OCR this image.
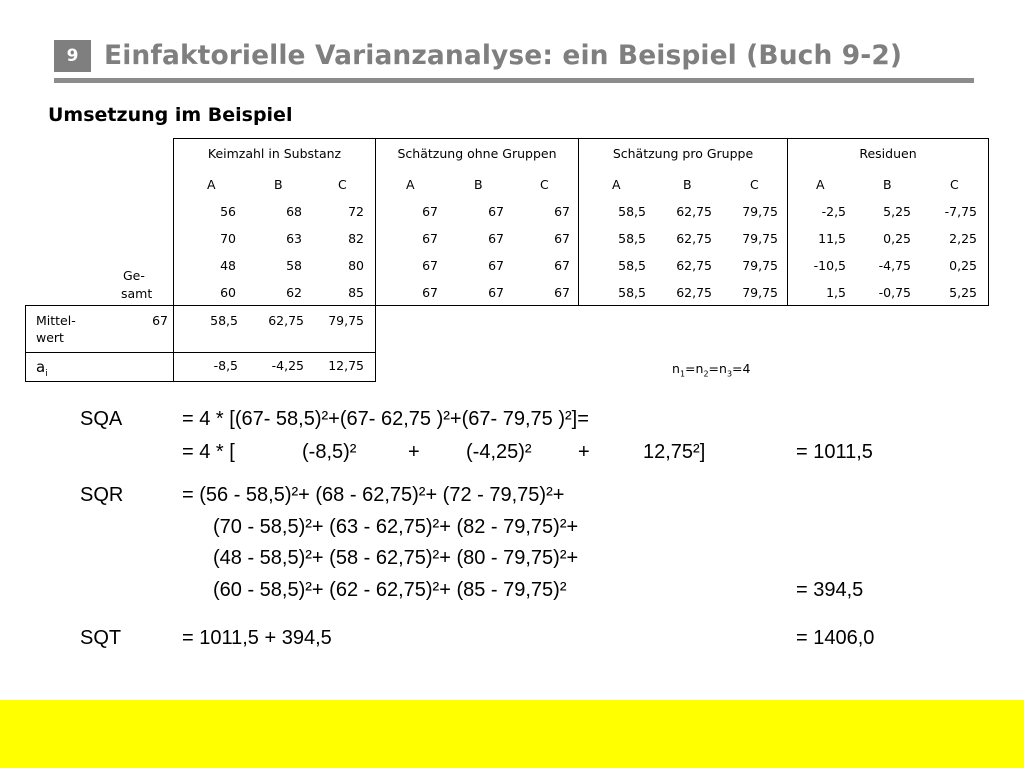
9 Einfaktorielle Varianzanalyse: ein Beispiel (Buch 9-2)
Umsetzung im Beispiel
Keimzahl in Substanz	Schätzung ohne Gruppen	Schätzung pro Gruppe	Residuen
A	B	C	A	B	C	A	B	C	A	B	C
56	68	72	67	67	67	58,5	62,75	79,75	-2,5	5,25	-7,75
70	63	82	67	67	67	58,5	62,75	79,75	11,5	0,25	2,25
48	58	80	67	67	67	58,5	62,75	79,75	-10,5	-4,75	0,25
60	62	85	67	67	67	58,5	62,75	79,75	1,5	-0,75	5,25
Ge-
samt
Mittel-
wert
67	58,5	62,75	79,75
$a_i$
-8,5	-4,25	12,75	$n_1=n_2=n_3=4$
SQA	= 4 * [(67- 58,5)²+(67- 62,75 )²+(67- 79,75 )²]=
= 4 * [	(-8,5)²	+ (-4,25)² +	12,75²]	= 1011,5
SQR	= (56 - 58,5)²+ (68 - 62,75)²+ (72 - 79,75)²+
(70 - 58,5)²+ (63 - 62,75)²+ (82 - 79,75)²+
(48 - 58,5)²+ (58 - 62,75)²+ (80 - 79,75)²+
(60 - 58,5)²+ (62 - 62,75)²+ (85 - 79,75)²	= 394,5
SQT	= 1011,5 + 394,5	= 1406,0
